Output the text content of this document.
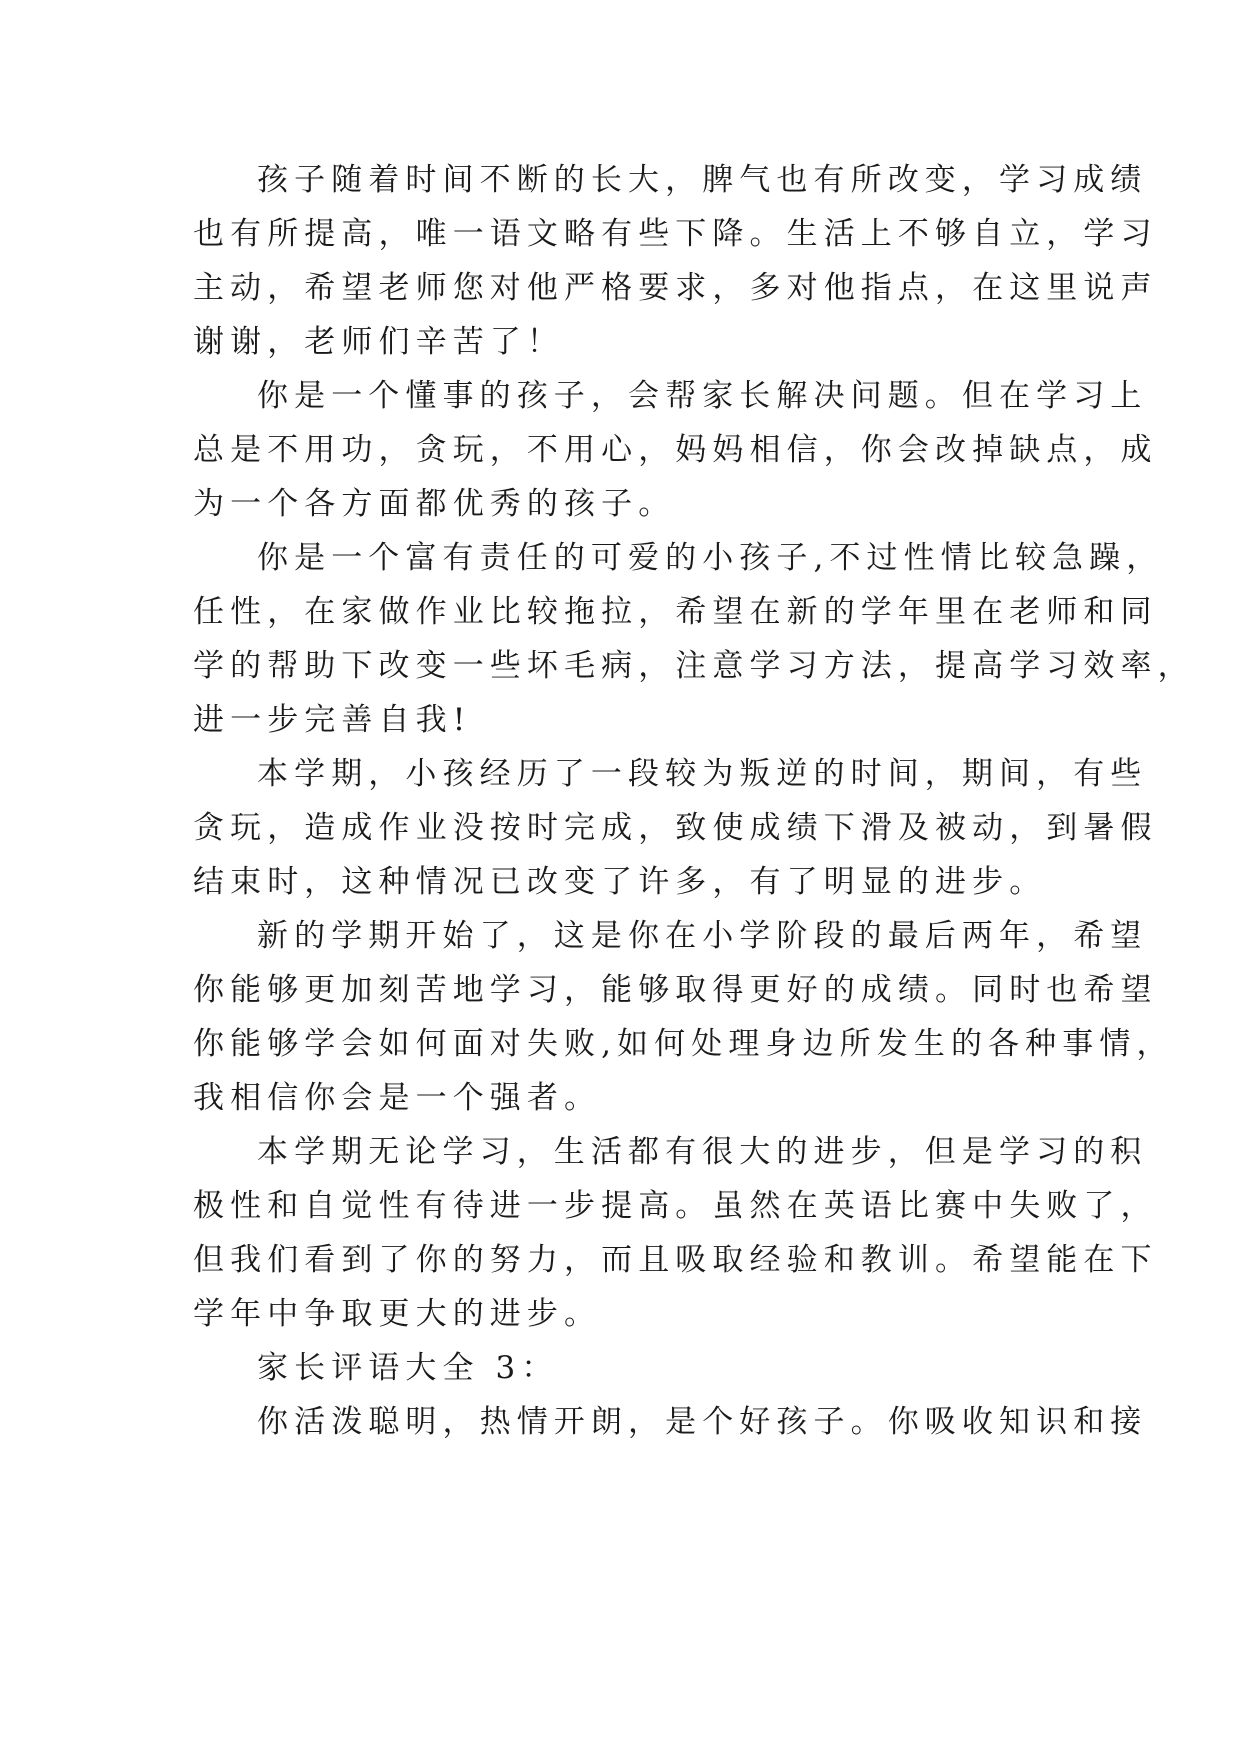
孩子随着时间不断的长大，脾气也有所改变，学习成绩
也有所提高，唯一语文略有些下降。生活上不够自立，学习
主动，希望老师您对他严格要求，多对他指点，在这里说声
谢谢，老师们辛苦了！
你是一个懂事的孩子，会帮家长解决问题。但在学习上
总是不用功，贪玩，不用心，妈妈相信，你会改掉缺点，成
为一个各方面都优秀的孩子。
你是一个富有责任的可爱的小孩子,不过性情比较急躁，
任性，在家做作业比较拖拉，希望在新的学年里在老师和同
学的帮助下改变一些坏毛病，注意学习方法，提高学习效率，
进一步完善自我!
本学期，小孩经历了一段较为叛逆的时间，期间，有些
贪玩，造成作业没按时完成，致使成绩下滑及被动，到暑假
结束时，这种情况已改变了许多，有了明显的进步。
新的学期开始了，这是你在小学阶段的最后两年，希望
你能够更加刻苦地学习，能够取得更好的成绩。同时也希望
你能够学会如何面对失败,如何处理身边所发生的各种事情，
我相信你会是一个强者。
本学期无论学习，生活都有很大的进步，但是学习的积
极性和自觉性有待进一步提高。虽然在英语比赛中失败了，
但我们看到了你的努力，而且吸取经验和教训。希望能在下
学年中争取更大的进步。
家长评语大全 3：
你活泼聪明，热情开朗，是个好孩子。你吸收知识和接
